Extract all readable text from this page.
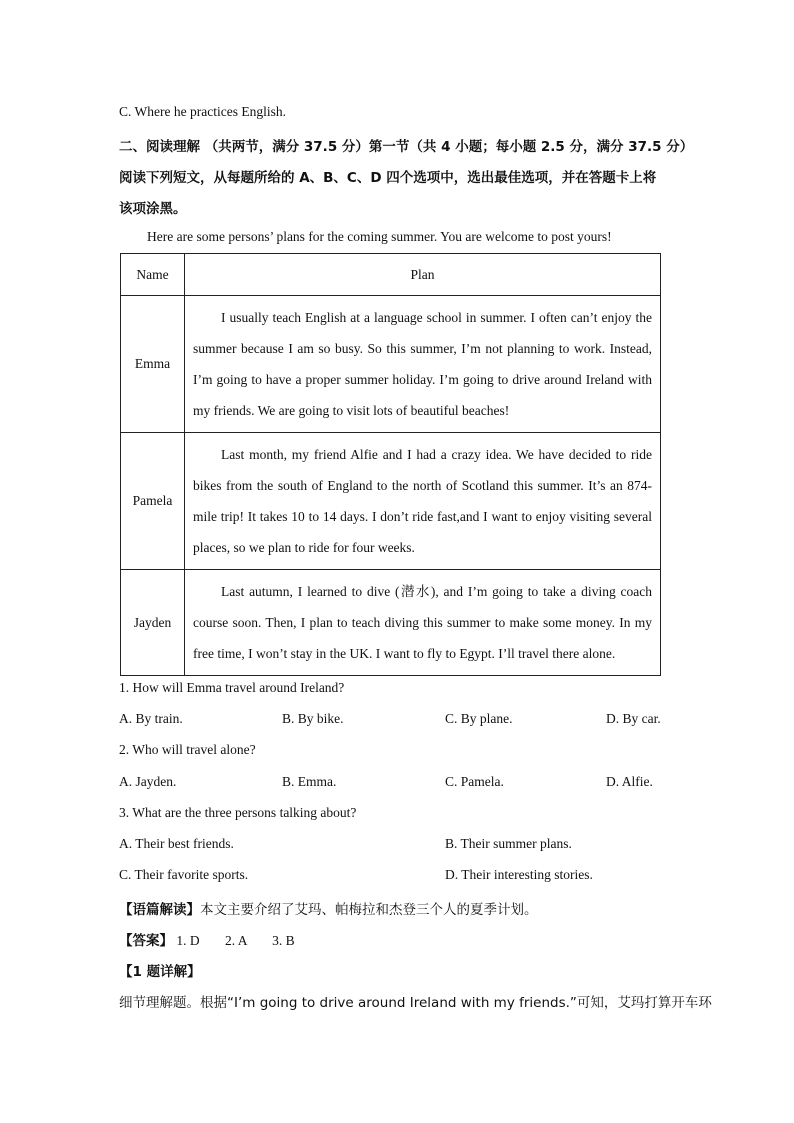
C. Where he practices English.
二、阅读理解 （共两节，满分 37.5 分）第一节（共 4 小题；每小题 2.5 分，满分 37.5 分）
阅读下列短文，从每题所给的 A、B、C、D 四个选项中，选出最佳选项，并在答题卡上将
该项涂黑。
Here are some persons’ plans for the coming summer. You are welcome to post yours!
Name	Plan
Emma	I usually teach English at a language school in summer. I often can’t enjoy the summer because I am so busy. So this summer, I’m not planning to work. Instead, I’m going to have a proper summer holiday. I’m going to drive around Ireland with my friends. We are going to visit lots of beautiful beaches!
Pamela	Last month, my friend Alfie and I had a crazy idea. We have decided to ride bikes from the south of England to the north of Scotland this summer. It’s an 874-mile trip! It takes 10 to 14 days. I don’t ride fast,and I want to enjoy visiting several places, so we plan to ride for four weeks.
Jayden	Last autumn, I learned to dive (潜水), and I’m going to take a diving coach course soon. Then, I plan to teach diving this summer to make some money. In my free time, I won’t stay in the UK. I want to fly to Egypt. I’ll travel there alone.
1. How will Emma travel around Ireland?
A. By train.	B. By bike.	C. By plane.	D. By car.
2. Who will travel alone?
A. Jayden.	B. Emma.	C. Pamela.	D. Alfie.
3. What are the three persons talking about?
A. Their best friends.	B. Their summer plans.
C. Their favorite sports.	D. Their interesting stories.
【语篇解读】本文主要介绍了艾玛、帕梅拉和杰登三个人的夏季计划。
【答案】 1. D 2. A 3. B
【1 题详解】
细节理解题。根据“I’m going to drive around Ireland with my friends.”可知，艾玛打算开车环
